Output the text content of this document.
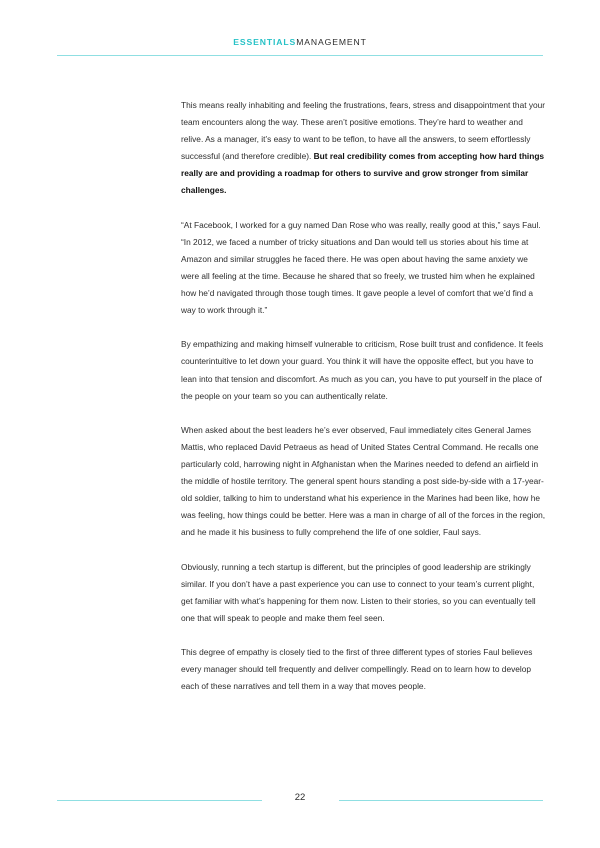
ESSENTIALSMANAGEMENT

This means really inhabiting and feeling the frustrations, fears, stress and disappointment that your team encounters along the way. These aren’t positive emotions. They’re hard to weather and relive. As a manager, it’s easy to want to be teflon, to have all the answers, to seem effortlessly successful (and therefore credible). But real credibility comes from accepting how hard things really are and providing a roadmap for others to survive and grow stronger from similar challenges.

“At Facebook, I worked for a guy named Dan Rose who was really, really good at this,” says Faul. “In 2012, we faced a number of tricky situations and Dan would tell us stories about his time at Amazon and similar struggles he faced there. He was open about having the same anxiety we were all feeling at the time. Because he shared that so freely, we trusted him when he explained how he’d navigated through those tough times. It gave people a level of comfort that we’d find a way to work through it.”

By empathizing and making himself vulnerable to criticism, Rose built trust and confidence. It feels counterintuitive to let down your guard. You think it will have the opposite effect, but you have to lean into that tension and discomfort. As much as you can, you have to put yourself in the place of the people on your team so you can authentically relate.

When asked about the best leaders he’s ever observed, Faul immediately cites General James Mattis, who replaced David Petraeus as head of United States Central Command. He recalls one particularly cold, harrowing night in Afghanistan when the Marines needed to defend an airfield in the middle of hostile territory. The general spent hours standing a post side-by-side with a 17-year-old soldier, talking to him to understand what his experience in the Marines had been like, how he was feeling, how things could be better. Here was a man in charge of all of the forces in the region, and he made it his business to fully comprehend the life of one soldier, Faul says.

Obviously, running a tech startup is different, but the principles of good leadership are strikingly similar. If you don’t have a past experience you can use to connect to your team’s current plight, get familiar with what’s happening for them now. Listen to their stories, so you can eventually tell one that will speak to people and make them feel seen.

This degree of empathy is closely tied to the first of three different types of stories Faul believes every manager should tell frequently and deliver compellingly. Read on to learn how to develop each of these narratives and tell them in a way that moves people.

22
